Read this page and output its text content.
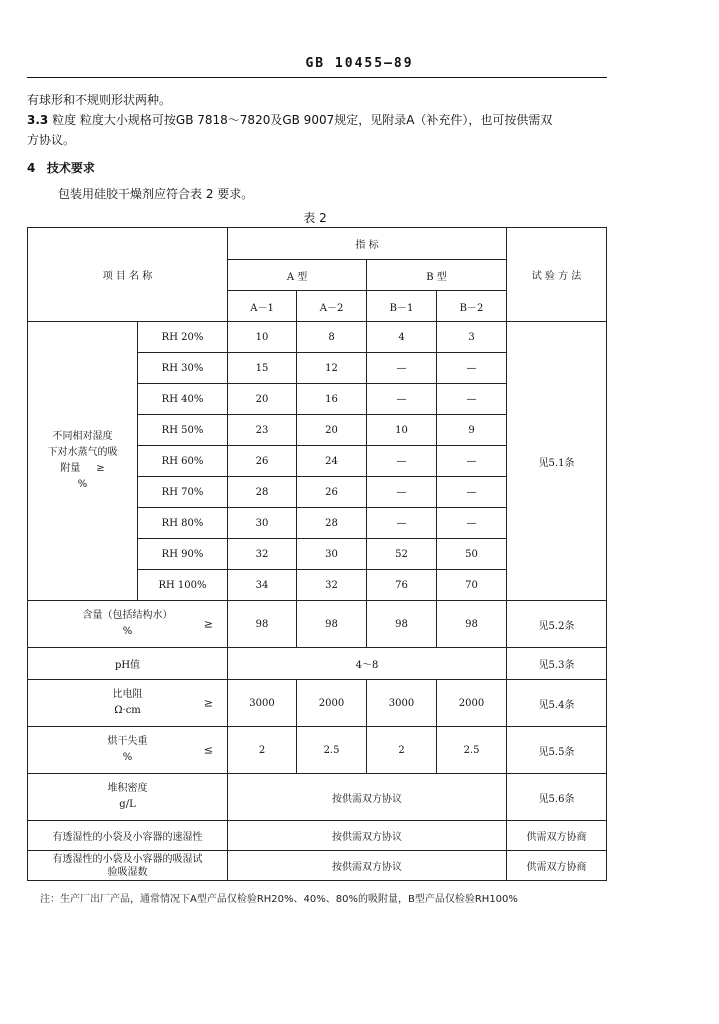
GB 10455—89
有球形和不规则形状两种。
3.3 粒度 粒度大小规格可按GB 7818～7820及GB 9007规定，见附录A（补充件），也可按供需双
方协议。
4 技术要求
包装用硅胶干燥剂应符合表 2 要求。
表 2
项 目 名 称		指 标				试 验 方 法
		A 型		B 型		
		A－1	A－2	B－1	B－2	

不同相对湿度
下对水蒸气的吸
附量 ≥
%	RH 20%	10	8	4	3	见5.1条
	RH 30%	15	12	—	—	
	RH 40%	20	16	—	—	
	RH 50%	23	20	10	9	
	RH 60%	26	24	—	—	
	RH 70%	28	26	—	—	
	RH 80%	30	28	—	—	
	RH 90%	32	30	52	50	
	RH 100%	34	32	76	70	

含量（包括结构水）
%
≥		98	98	98	98	见5.2条
pH值		4～8				见5.3条

比电阻
Ω·cm
≥		3000	2000	3000	2000	见5.4条

烘干失重
%
≤		2	2.5	2	2.5	见5.5条

堆积密度
g/L		按供需双方协议				见5.6条
有透湿性的小袋及小容器的速湿性		按供需双方协议				供需双方协商

有透湿性的小袋及小容器的吸湿试
验吸湿数		按供需双方协议				供需双方协商
注：生产厂出厂产品，通常情况下A型产品仅检验RH20%、40%、80%的吸附量，B型产品仅检验RH100%
